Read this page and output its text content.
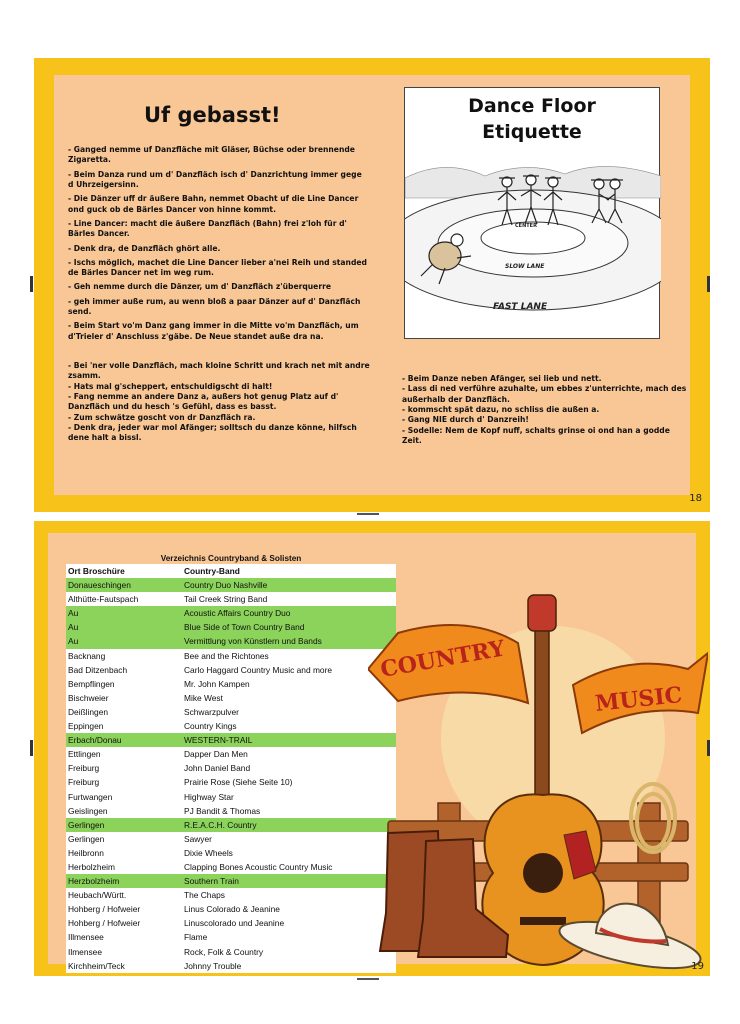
Uf gebasst!

- Ganged nemme uf Danzfläche mit Gläser, Büchse oder brennende Zigaretta.

- Beim Danza rund um d' Danzfläch isch d' Danzrichtung immer gege d Uhrzeigersinn.

- Die Dänzer uff dr äußere Bahn, nemmet Obacht uf die Line Dancer ond guck ob de Bärles Dancer von hinne kommt.

- Line Dancer: macht die äußere Danzfläch (Bahn) frei z'loh für d' Bärles Dancer.

- Denk dra, de Danzfläch ghört alle.

- Ischs möglich, machet die Line Dancer lieber a'nei Reih und standed de Bärles Dancer net im weg rum.

- Geh nemme durch die Dänzer, um d' Danzfläch z'überquerre

- geh immer auße rum, au wenn bloß a paar Dänzer auf d' Danzfläch send.

- Beim Start vo'm Danz gang immer in die Mitte vo'm Danzfläch, um d'Trieler d' Anschluss z'gäbe. De Neue standet auße dra na.

- Bei 'ner volle Danzfläch, mach kloine Schritt und krach net mit andre zsamm.
- Hats mal g'scheppert, entschuldigscht di halt!
- Fang nemme an andere Danz a, außers hot genug Platz auf d' Danzfläch und du hesch 's Gefühl, dass es basst.
- Zum schwätze goscht von dr Danzfläch ra.
- Denk dra, jeder war mol Afänger; solltsch du danze könne, hilfsch dene halt a bissl.
- Beim Danze neben Afänger, sei lieb und nett.
- Lass di ned verführe azuhalte, um ebbes z'unterrichte, mach des außerhalb der Danzfläch.
- kommscht spät dazu, no schliss die außen a.
- Gang NIE durch d' Danzreih!
- Sodelle: Nem de Kopf nuff, schalts grinse oi ond han a godde Zeit.
Dance Floor
Etiquette
CENTER
SLOW LANE
FAST LANE
18
Verzeichnis Countryband & Solisten
Ort Broschüre	Country-Band
Donaueschingen	Country Duo Nashville
Althütte-Fautspach	Tail Creek String Band
Au	Acoustic Affairs Country Duo
Au	Blue Side of Town Country Band
Au	Vermittlung von Künstlern und Bands
Backnang	Bee and the Richtones
Bad Ditzenbach	Carlo Haggard Country Music and more
Bempflingen	Mr. John Kampen
Bischweier	Mike West
Deißlingen	Schwarzpulver
Eppingen	Country Kings
Erbach/Donau	WESTERN-TRAIL
Ettlingen	Dapper Dan Men
Freiburg	John Daniel Band
Freiburg	Prairie Rose (Siehe Seite 10)
Furtwangen	Highway Star
Geislingen	PJ Bandit & Thomas
Gerlingen	R.E.A.C.H. Country
Gerlingen	Sawyer
Heilbronn	Dixie Wheels
Herbolzheim	Clapping Bones Acoustic Country Music
Herzbolzheim	Southern Train
Heubach/Württ.	The Chaps
Hohberg / Hofweier	Linus Colorado & Jeanine
Hohberg / Hofweier	Linuscolorado und Jeanine
Illmensee	Flame
Ilmensee	Rock, Folk & Country
Kirchheim/Teck	Johnny Trouble
COUNTRY
MUSIC
19
